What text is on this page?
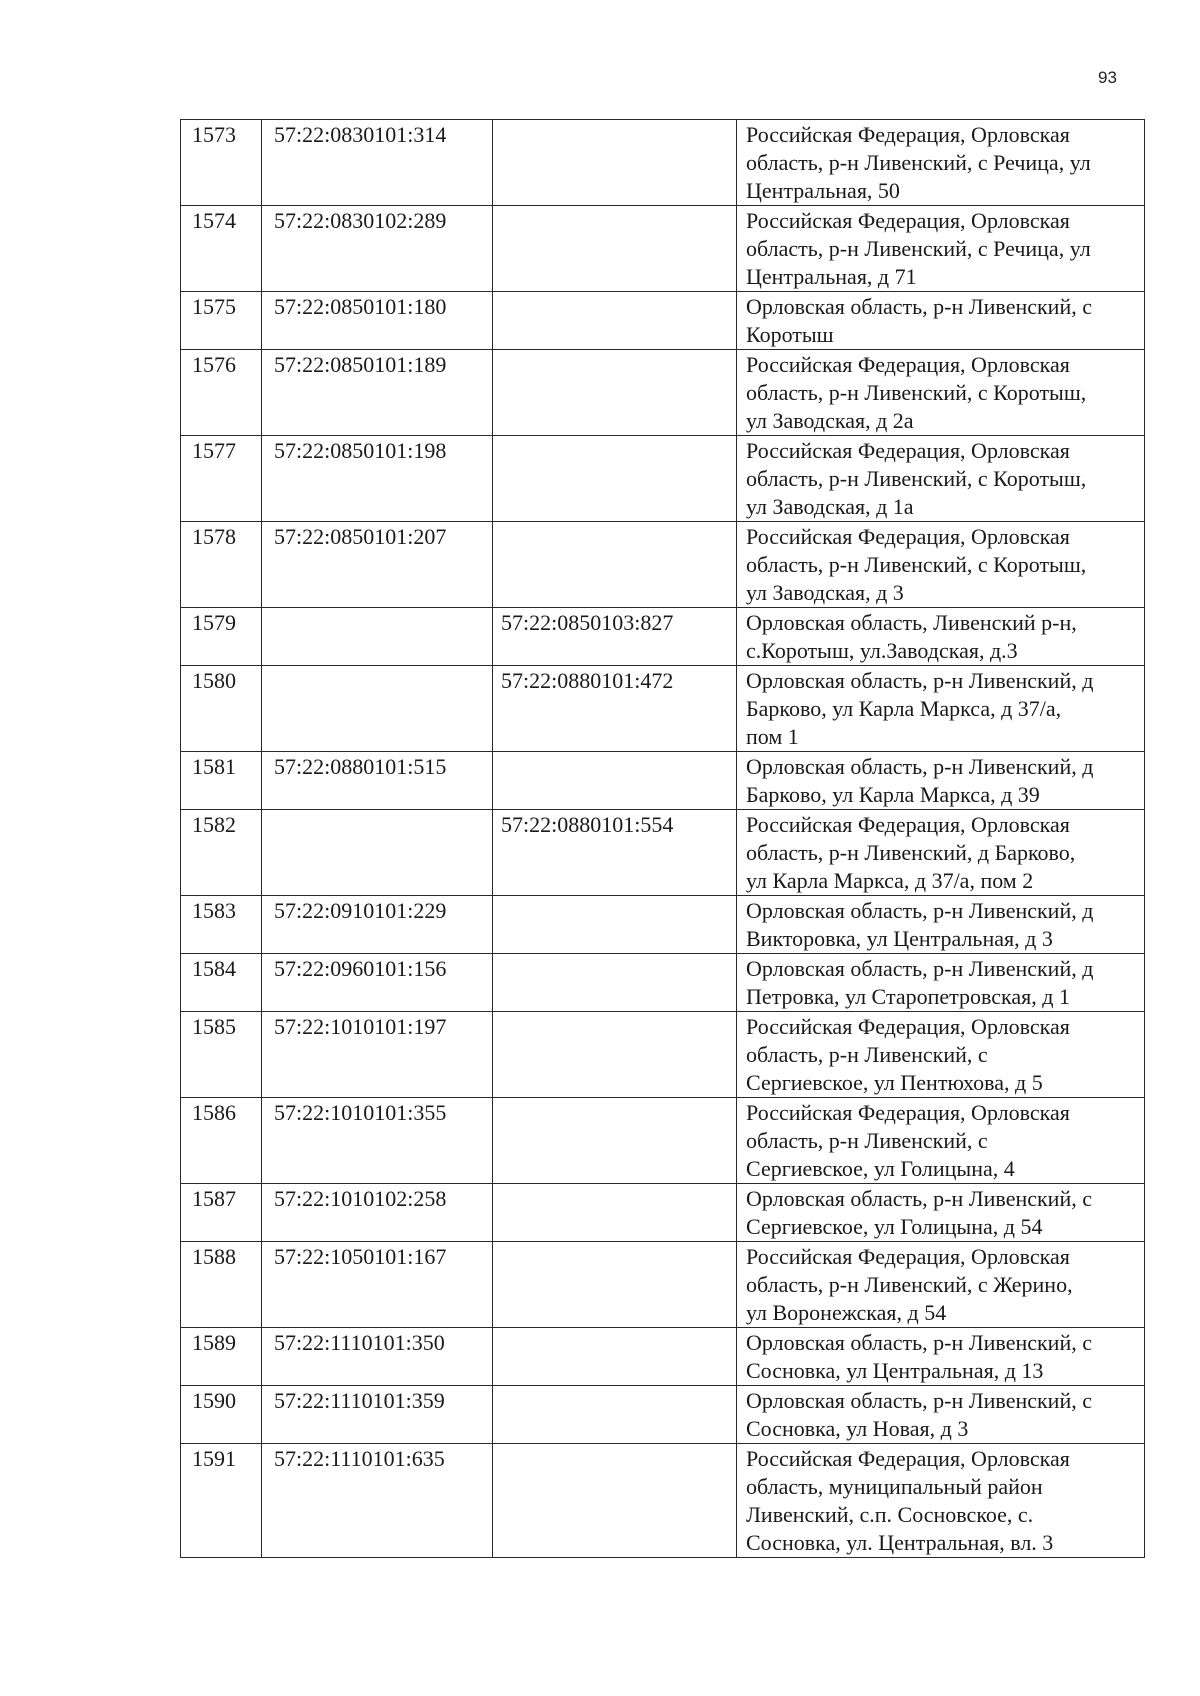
93
1573	57:22:0830101:314		Российская Федерация, Орловская
область, р-н Ливенский, с Речица, ул
Центральная, 50

1574	57:22:0830102:289		Российская Федерация, Орловская
область, р-н Ливенский, с Речица, ул
Центральная, д 71

1575	57:22:0850101:180		Орловская область, р-н Ливенский, с
Коротыш

1576	57:22:0850101:189		Российская Федерация, Орловская
область, р-н Ливенский, с Коротыш,
ул Заводская, д 2а

1577	57:22:0850101:198		Российская Федерация, Орловская
область, р-н Ливенский, с Коротыш,
ул Заводская, д 1а

1578	57:22:0850101:207		Российская Федерация, Орловская
область, р-н Ливенский, с Коротыш,
ул Заводская, д 3

1579		57:22:0850103:827	Орловская область, Ливенский р-н,
с.Коротыш, ул.Заводская, д.3

1580		57:22:0880101:472	Орловская область, р-н Ливенский, д
Барково, ул Карла Маркса, д 37/а,
пом 1

1581	57:22:0880101:515		Орловская область, р-н Ливенский, д
Барково, ул Карла Маркса, д 39

1582		57:22:0880101:554	Российская Федерация, Орловская
область, р-н Ливенский, д Барково,
ул Карла Маркса, д 37/а, пом 2

1583	57:22:0910101:229		Орловская область, р-н Ливенский, д
Викторовка, ул Центральная, д 3

1584	57:22:0960101:156		Орловская область, р-н Ливенский, д
Петровка, ул Старопетровская, д 1

1585	57:22:1010101:197		Российская Федерация, Орловская
область, р-н Ливенский, с
Сергиевское, ул Пентюхова, д 5

1586	57:22:1010101:355		Российская Федерация, Орловская
область, р-н Ливенский, с
Сергиевское, ул Голицына, 4

1587	57:22:1010102:258		Орловская область, р-н Ливенский, с
Сергиевское, ул Голицына, д 54

1588	57:22:1050101:167		Российская Федерация, Орловская
область, р-н Ливенский, с Жерино,
ул Воронежская, д 54

1589	57:22:1110101:350		Орловская область, р-н Ливенский, с
Сосновка, ул Центральная, д 13

1590	57:22:1110101:359		Орловская область, р-н Ливенский, с
Сосновка, ул Новая, д 3

1591	57:22:1110101:635		Российская Федерация, Орловская
область, муниципальный район
Ливенский, с.п. Сосновское, с.
Сосновка, ул. Центральная, вл. 3
